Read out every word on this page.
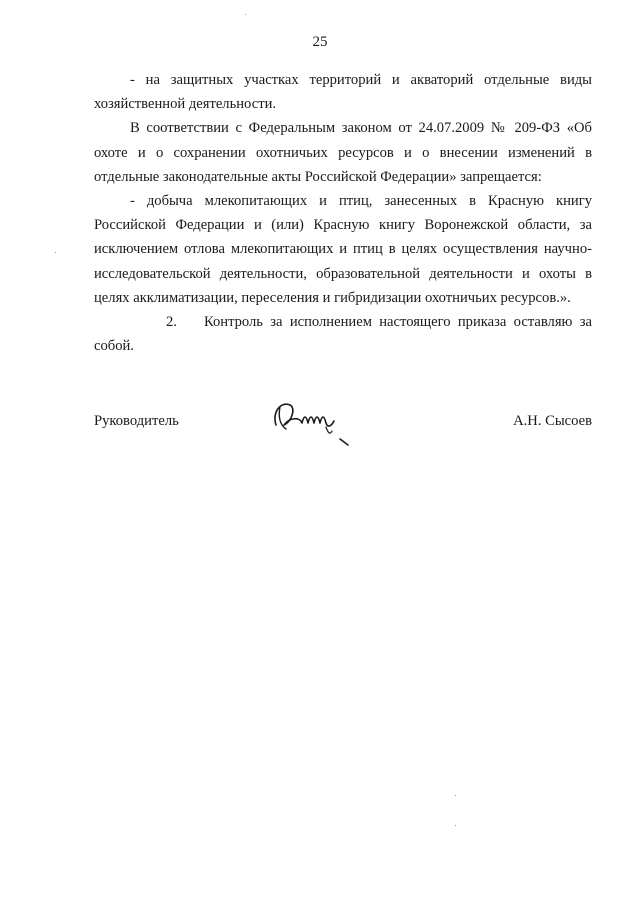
25

- на защитных участках территорий и акваторий отдельные виды хозяйственной деятельности.

В соответствии с Федеральным законом от 24.07.2009 № 209-ФЗ «Об охоте и о сохранении охотничьих ресурсов и о внесении изменений в отдельные законодательные акты Российской Федерации» запрещается:

- добыча млекопитающих и птиц, занесенных в Красную книгу Российской Федерации и (или) Красную книгу Воронежской области, за исключением отлова млекопитающих и птиц в целях осуществления научно-исследовательской деятельности, образовательной деятельности и охоты в целях акклиматизации, переселения и гибридизации охотничьих ресурсов.».

2. Контроль за исполнением настоящего приказа оставляю за собой.

Руководитель	А.Н. Сысоев
